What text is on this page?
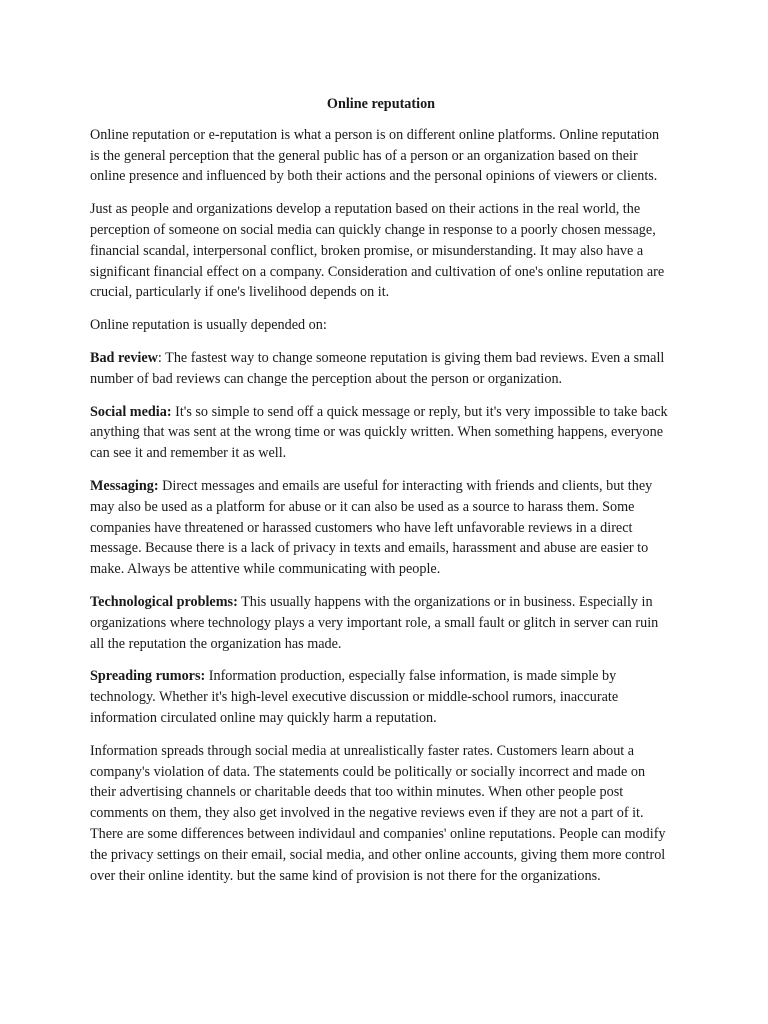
Online reputation

Online reputation or e-reputation is what a person is on different online platforms. Online reputation is the general perception that the general public has of a person or an organization based on their online presence and influenced by both their actions and the personal opinions of viewers or clients.

Just as people and organizations develop a reputation based on their actions in the real world, the perception of someone on social media can quickly change in response to a poorly chosen message, financial scandal, interpersonal conflict, broken promise, or misunderstanding. It may also have a significant financial effect on a company. Consideration and cultivation of one's online reputation are crucial, particularly if one's livelihood depends on it.

Online reputation is usually depended on:

Bad review: The fastest way to change someone reputation is giving them bad reviews. Even a small number of bad reviews can change the perception about the person or organization.

Social media: It's so simple to send off a quick message or reply, but it's very impossible to take back anything that was sent at the wrong time or was quickly written. When something happens, everyone can see it and remember it as well.

Messaging: Direct messages and emails are useful for interacting with friends and clients, but they may also be used as a platform for abuse or it can also be used as a source to harass them. Some companies have threatened or harassed customers who have left unfavorable reviews in a direct message. Because there is a lack of privacy in texts and emails, harassment and abuse are easier to make. Always be attentive while communicating with people.

Technological problems: This usually happens with the organizations or in business. Especially in organizations where technology plays a very important role, a small fault or glitch in server can ruin all the reputation the organization has made.

Spreading rumors: Information production, especially false information, is made simple by technology. Whether it's high-level executive discussion or middle-school rumors, inaccurate information circulated online may quickly harm a reputation.

Information spreads through social media at unrealistically faster rates. Customers learn about a company's violation of data. The statements could be politically or socially incorrect and made on their advertising channels or charitable deeds that too within minutes. When other people post comments on them, they also get involved in the negative reviews even if they are not a part of it. There are some differences between individaul and companies' online reputations. People can modify the privacy settings on their email, social media, and other online accounts, giving them more control over their online identity. but the same kind of provision is not there for the organizations.
